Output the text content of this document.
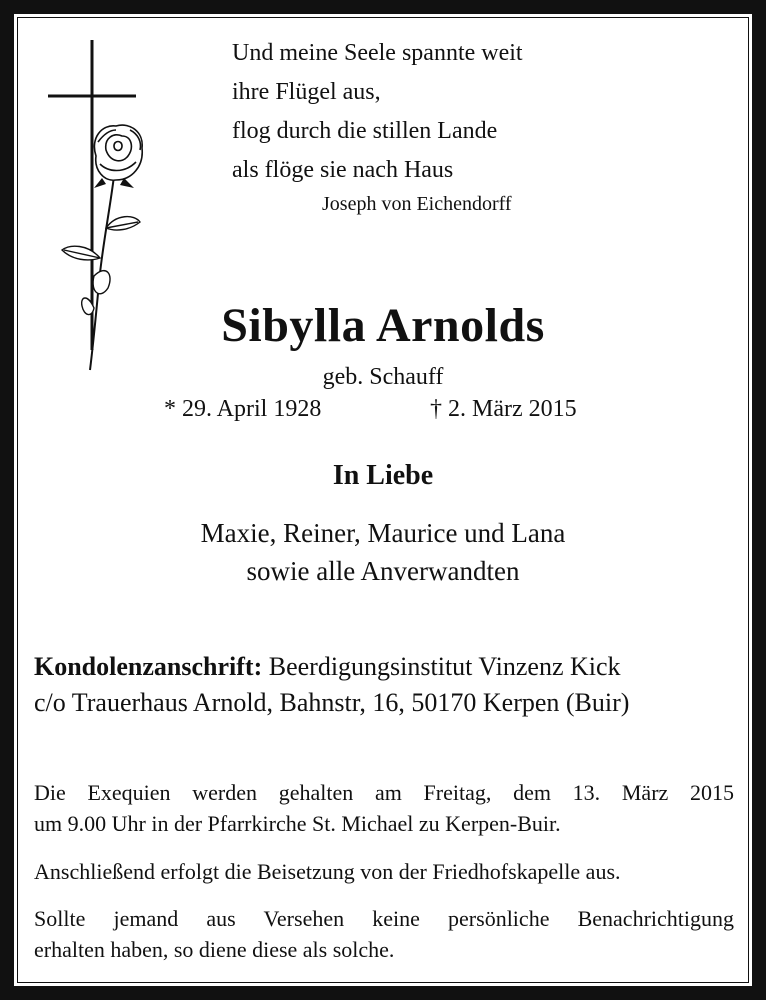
Und meine Seele spannte weit
ihre Flügel aus,
flog durch die stillen Lande
als flöge sie nach Haus
Joseph von Eichendorff
Sibylla Arnolds
geb. Schauff
* 29. April 1928	† 2. März 2015
In Liebe
Maxie, Reiner, Maurice und Lana
sowie alle Anverwandten
Kondolenzanschrift: Beerdigungsinstitut Vinzenz Kick
c/o Trauerhaus Arnold, Bahnstr, 16, 50170 Kerpen (Buir)
Die Exequien werden gehalten am Freitag, dem 13. März 2015
um 9.00 Uhr in der Pfarrkirche St. Michael zu Kerpen-Buir.
Anschließend erfolgt die Beisetzung von der Friedhofskapelle aus.
Sollte jemand aus Versehen keine persönliche Benachrichtigung
erhalten haben, so diene diese als solche.
